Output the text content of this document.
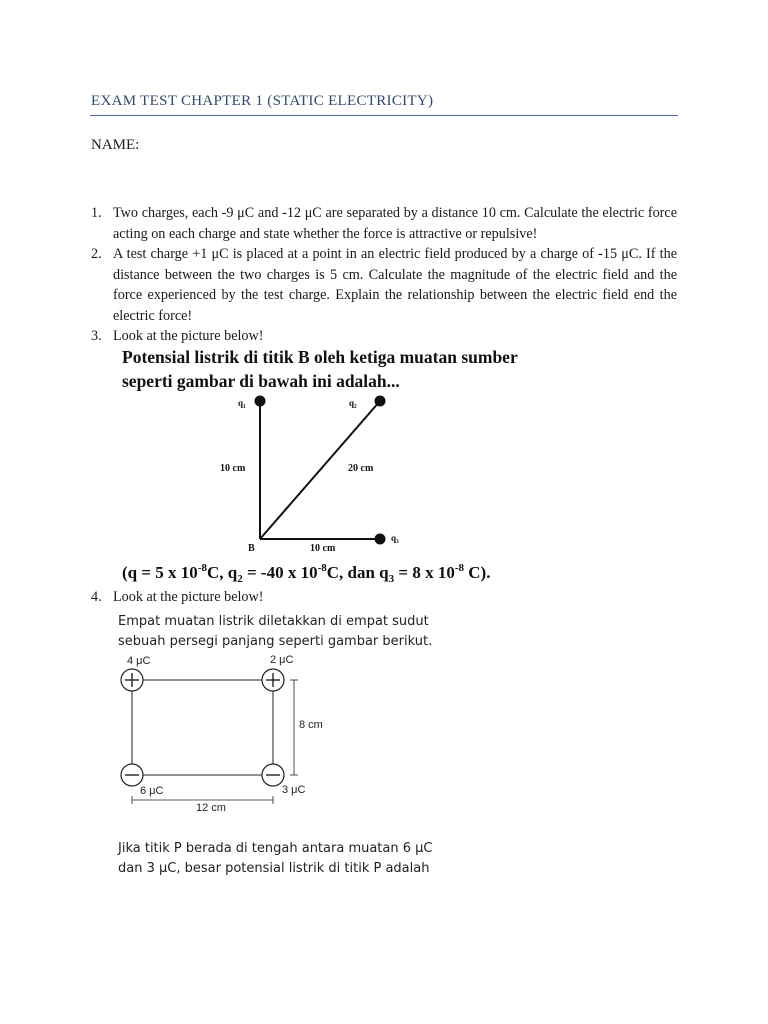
EXAM TEST CHAPTER 1 (STATIC ELECTRICITY)
NAME:
1. Two charges, each -9 μC and -12 μC are separated by a distance 10 cm. Calculate the electric force acting on each charge and state whether the force is attractive or repulsive!
2. A test charge +1 μC is placed at a point in an electric field produced by a charge of -15 μC. If the distance between the two charges is 5 cm. Calculate the magnitude of the electric field and the force experienced by the test charge. Explain the relationship between the electric field end the electric force!
3. Look at the picture below!
Potensial listrik di titik B oleh ketiga muatan sumber
seperti gambar di bawah ini adalah...
q₁	q₂
q₃
B
10 cm	20 cm
10 cm
(q = 5 x $10^{-8}C$, $q_2 = -40$ x $10^{-8}C$, dan $q_3 = 8$ x $10^{-8}$ C).
4. Look at the picture below!
Empat muatan listrik diletakkan di empat sudut
sebuah persegi panjang seperti gambar berikut.
4 μC	2 μC
6 μC	3 μC
8 cm
12 cm
Jika titik P berada di tengah antara muatan 6 μC
dan 3 μC, besar potensial listrik di titik P adalah
